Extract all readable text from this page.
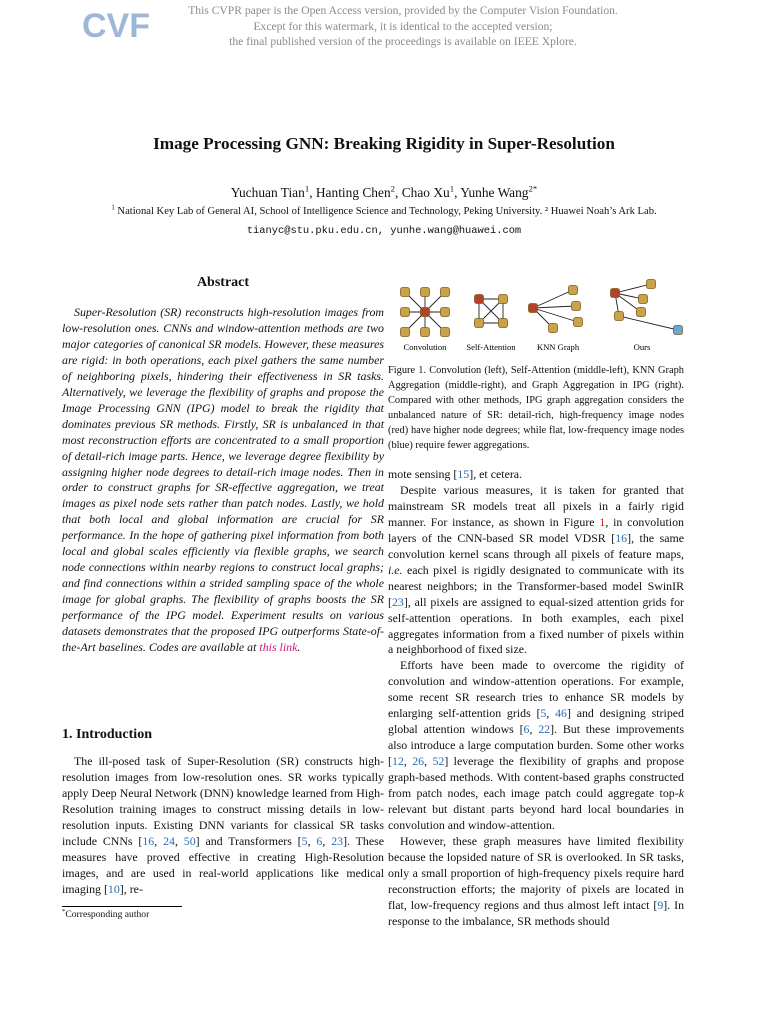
CVF	This CVPR paper is the Open Access version, provided by the Computer Vision Foundation.
Except for this watermark, it is identical to the accepted version;
the final published version of the proceedings is available on IEEE Xplore.
Image Processing GNN: Breaking Rigidity in Super-Resolution
Yuchuan Tian$^1$, Hanting Chen$^2$, Chao Xu$^1$, Yunhe Wang$^{2*}$
$^1$ National Key Lab of General AI, School of Intelligence Science and Technology, Peking University. ² Huawei Noah’s Ark Lab.
tianyc@stu.pku.edu.cn, yunhe.wang@huawei.com
Abstract

Super-Resolution (SR) reconstructs high-resolution images from low-resolution ones. CNNs and window-attention methods are two major categories of canonical SR models. However, these measures are rigid: in both operations, each pixel gathers the same number of neighboring pixels, hindering their effectiveness in SR tasks. Alternatively, we leverage the flexibility of graphs and propose the Image Processing GNN (IPG) model to break the rigidity that dominates previous SR methods. Firstly, SR is unbalanced in that most reconstruction efforts are concentrated to a small proportion of detail-rich image parts. Hence, we leverage degree flexibility by assigning higher node degrees to detail-rich image nodes. Then in order to construct graphs for SR-effective aggregation, we treat images as pixel node sets rather than patch nodes. Lastly, we hold that both local and global information are crucial for SR performance. In the hope of gathering pixel information from both local and global scales efficiently via flexible graphs, we search node connections within nearby regions to construct local graphs; and find connections within a strided sampling space of the whole image for global graphs. The flexibility of graphs boosts the SR performance of the IPG model. Experiment results on various datasets demonstrates that the proposed IPG outperforms State-of-the-Art baselines. Codes are available at this link.

1. Introduction

The ill-posed task of Super-Resolution (SR) constructs high-resolution images from low-resolution ones. SR works typically apply Deep Neural Network (DNN) knowledge learned from High-Resolution training images to construct missing details in low-resolution inputs. Existing DNN variants for classical SR tasks include CNNs [16, 24, 50] and Transformers [5, 6, 23]. These measures have proved effective in creating High-Resolution images, and are used in real-world applications like medical imaging [10], re-

*Corresponding author
Convolution Self-Attention KNN Graph	Ours
Figure 1. Convolution (left), Self-Attention (middle-left), KNN Graph Aggregation (middle-right), and Graph Aggregation in IPG (right). Compared with other methods, IPG graph aggregation considers the unbalanced nature of SR: detail-rich, high-frequency image nodes (red) have higher node degrees; while flat, low-frequency image nodes (blue) require fewer aggregations.

mote sensing [15], et cetera.

Despite various measures, it is taken for granted that mainstream SR models treat all pixels in a fairly rigid manner. For instance, as shown in Figure 1, in convolution layers of the CNN-based SR model VDSR [16], the same convolution kernel scans through all pixels of feature maps, i.e. each pixel is rigidly designated to communicate with its nearest neighbors; in the Transformer-based model SwinIR [23], all pixels are assigned to equal-sized attention grids for self-attention operations. In both examples, each pixel aggregates information from a fixed number of pixels within a neighborhood of fixed size.

Efforts have been made to overcome the rigidity of convolution and window-attention operations. For example, some recent SR research tries to enhance SR models by enlarging self-attention grids [5, 46] and designing striped global attention windows [6, 22]. But these improvements also introduce a large computation burden. Some other works [12, 26, 52] leverage the flexibility of graphs and propose graph-based methods. With content-based graphs constructed from patch nodes, each image patch could aggregate top-k relevant but distant parts beyond hard local boundaries in convolution and window-attention.

However, these graph measures have limited flexibility because the lopsided nature of SR is overlooked. In SR tasks, only a small proportion of high-frequency pixels require hard reconstruction efforts; the majority of pixels are located in flat, low-frequency regions and thus almost left intact [9]. In response to the imbalance, SR methods should
